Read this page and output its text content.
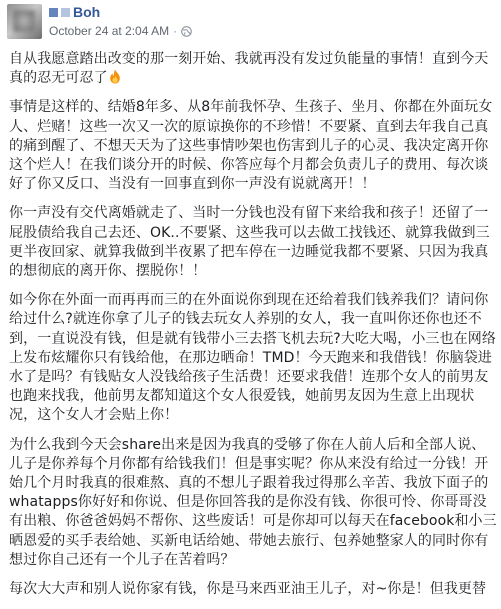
Boh
October 24 at 2:04 AM ·

自从我愿意踏出改变的那一刻开始、我就再没有发过负能量的事情！直到今天真的忍无可忍了

事情是这样的、结婚8年多、从8年前我怀孕、生孩子、坐月、你都在外面玩女人、烂赌！这些一次又一次的原谅换你的不珍惜！不要紧、直到去年我自己真的痛到醒了、不想天天为了这些事情吵架也伤害到儿子的心灵、我决定离开你这个烂人！在我们谈分开的时候、你答应每个月都会负责儿子的费用、每次谈好了你又反口、当没有一回事直到你一声没有说就离开！！

你一声没有交代离婚就走了、当时一分钱也没有留下来给我和孩子！还留了一屁股债给我自己去还、OK..不要紧、这些我可以去做工找钱还、就算我做到三更半夜回家、就算我做到半夜累了把车停在一边睡觉我都不要紧、只因为我真的想彻底的离开你、摆脱你！！

如今你在外面一而再再而三的在外面说你到现在还给着我们钱养我们？请问你给过什么?就连你拿了儿子的钱去玩女人养别的女人，我一直叫你还你也还不到，一直说没有钱，但是就有钱带小三去搭飞机去玩?大吃大喝，小三也在网络上发布炫耀你只有钱给他，在那边晒命！TMD！今天跑来和我借钱！你脑袋进水了是吗？有钱贴女人没钱给孩子生活费！还要求我借！连那个女人的前男友也跑来找我，他前男友都知道这个女人很爱钱，她前男友因为生意上出现状况，这个女人才会贴上你！

为什么我到今天会share出来是因为我真的受够了你在人前人后和全部人说、儿子是你养每个月你都有给钱我们！但是事实呢？你从来没有给过一分钱！开始几个月时我真的很难熬、真的不想儿子跟着我过得那么辛苦、我放下面子的whatapps你好好和你说、但是你回答我的是你没有钱、你很可怜、你哥哥没有出粮、你爸爸妈妈不帮你、这些废话！可是你却可以每天在facebook和小三晒恩爱的买手表给她、买新电话给她、带她去旅行、包养她整家人的同时你有想过你自己还有一个儿子在苦着吗？

每次大大声和别人说你家有钱，你是马来西亚油王儿子，对~你是！但我更替
